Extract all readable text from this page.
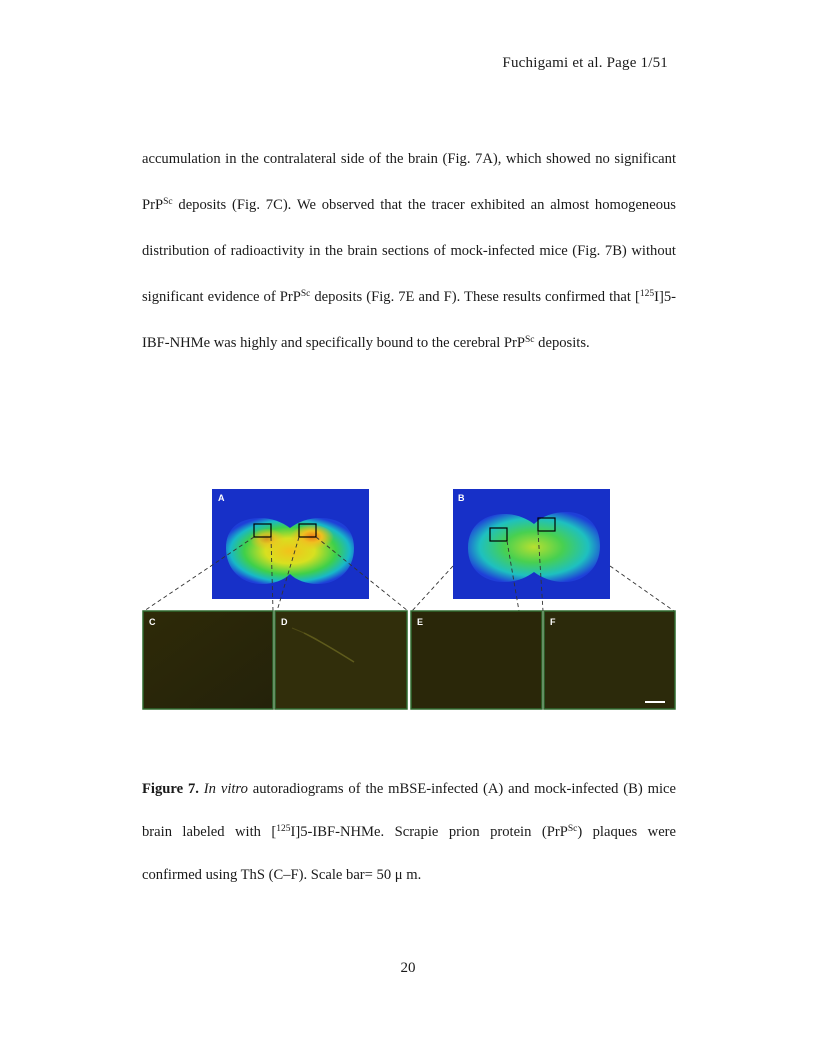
Fuchigami et al. Page 1/51

accumulation in the contralateral side of the brain (Fig. 7A), which showed no significant PrP$^{Sc}$ deposits (Fig. 7C). We observed that the tracer exhibited an almost homogeneous distribution of radioactivity in the brain sections of mock-infected mice (Fig. 7B) without significant evidence of PrP$^{Sc}$ deposits (Fig. 7E and F). These results confirmed that [$^{125}$I]5-IBF-NHMe was highly and specifically bound to the cerebral PrP$^{Sc}$ deposits.

A	B
C	D	E	F

Figure 7. In vitro autoradiograms of the mBSE-infected (A) and mock-infected (B) mice brain labeled with [$^{125}$I]5-IBF-NHMe. Scrapie prion protein (PrP$^{Sc}$) plaques were confirmed using ThS (C–F). Scale bar= 50 μ m.

20
